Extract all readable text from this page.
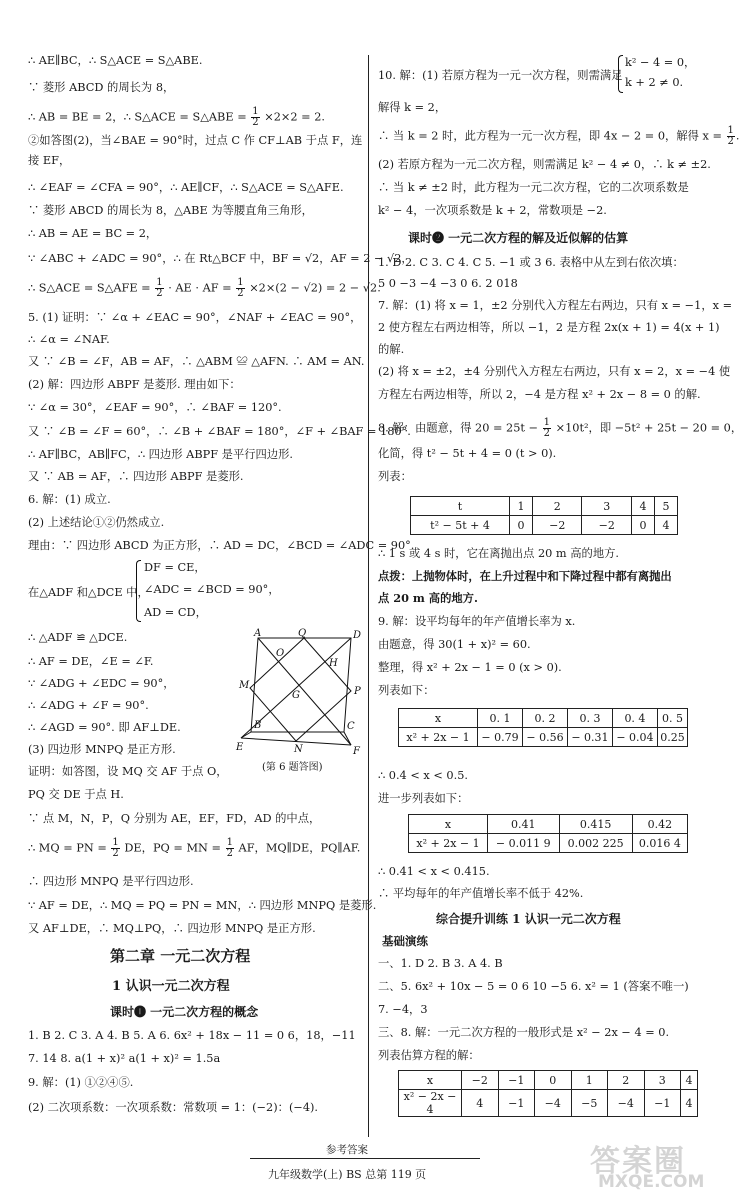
∴ AE∥BC，∴ S△ACE = S△ABE.
∵ 菱形 ABCD 的周长为 8，
∴ AB = BE = 2，∴ S△ACE = S△ABE = $\frac{1}{2} \times 2\times 2 = 2$.
②如答图(2)，当∠BAE = 90°时，过点 C 作 CF⊥AB 于点 F，连
接 EF，
∴ ∠EAF = ∠CFA = 90°，∴ AE∥CF，∴ S△ACE = S△AFE.
∵ 菱形 ABCD 的周长为 8，△ABE 为等腰直角三角形，
∴ AB = AE = BC = 2，
∵ ∠ABC + ∠ADC = 90°，∴ 在 Rt△BCF 中，BF = √2，AF = 2 − √2，
∴ S△ACE = S△AFE = $\frac{1}{2}$ · AE · AF = $\frac{1}{2} \times 2\times(2 - √2) = 2 - √2$.
5. (1) 证明：∵ ∠α + ∠EAC = 90°，∠NAF + ∠EAC = 90°，
∴ ∠α = ∠NAF.
又 ∵ ∠B = ∠F，AB = AF，∴ △ABM ≌ △AFN. ∴ AM = AN.
(2) 解：四边形 ABPF 是菱形. 理由如下：
∵ ∠α = 30°，∠EAF = 90°，∴ ∠BAF = 120°.
又 ∵ ∠B = ∠F = 60°，∴ ∠B + ∠BAF = 180°，∠F + ∠BAF = 180°.
∴ AF∥BC，AB∥FC，∴ 四边形 ABPF 是平行四边形.
又 ∵ AB = AF，∴ 四边形 ABPF 是菱形.
6. 解：(1) 成立.
(2) 上述结论①②仍然成立.
理由：∵ 四边形 ABCD 为正方形，∴ AD = DC，∠BCD = ∠ADC = 90°.
在△ADF 和△DCE 中，
DF = CE，
∠ADC = ∠BCD = 90°，
AD = CD，
∴ △ADF ≌ △DCE.
∴ AF = DE，∠E = ∠F.
∵ ∠ADG + ∠EDC = 90°，
∴ ∠ADG + ∠F = 90°.
∴ ∠AGD = 90°. 即 AF⊥DE.
(3) 四边形 MNPQ 是正方形.
证明：如答图，设 MQ 交 AF 于点 O，
PQ 交 DE 于点 H.
∵ 点 M，N，P，Q 分别为 AE，EF，FD，AD 的中点，
∴ MQ = PN = $\frac{1}{2}$ DE，PQ = MN = $\frac{1}{2}$ AF，MQ∥DE，PQ∥AF.
∴ 四边形 MNPQ 是平行四边形.
∵ AF = DE，∴ MQ = PQ = PN = MN，∴ 四边形 MNPQ 是菱形.
又 AF⊥DE，∴ MQ⊥PQ，∴ 四边形 MNPQ 是正方形.
A	Q	D
O
H
M
G	P
E
B
N
C
F
(第 6 题答图)
第二章 一元二次方程
1 认识一元二次方程
课时❶ 一元二次方程的概念
1. B 2. C 3. A 4. B 5. A 6. 6x² + 18x − 11 = 0 6，18，−11
7. 14 8. a(1 + x)² a(1 + x)² = 1.5a
9. 解：(1) ①②④⑤.
(2) 二次项系数：一次项系数：常数项 = 1：(−2)：(−4).
10. 解：(1) 若原方程为一元一次方程，则需满足
k² − 4 = 0，
k + 2 ≠ 0.
解得 k = 2，
∴ 当 k = 2 时，此方程为一元一次方程，即 4x − 2 = 0，解得 $x = \frac{1}{2}$ .
(2) 若原方程为一元二次方程，则需满足 k² − 4 ≠ 0，∴ k ≠ ±2.
∴ 当 k ≠ ±2 时，此方程为一元二次方程，它的二次项系数是
k² − 4，一次项系数是 k + 2，常数项是 −2.
课时❷ 一元二次方程的解及近似解的估算
1. D 2. C 3. C 4. C 5. −1 或 3 6. 表格中从左到右依次填：
5 0 −3 −4 −3 0 6. 2 018
7. 解：(1) 将 x = 1，±2 分别代入方程左右两边，只有 x = −1，x =
2 使方程左右两边相等，所以 −1，2 是方程 2x(x + 1) = 4(x + 1)
的解.
(2) 将 x = ±2，±4 分别代入方程左右两边，只有 x = 2，x = −4 使
方程左右两边相等，所以 2，−4 是方程 x² + 2x − 8 = 0 的解.
8. 解：由题意，得 $20 = 25t - \frac{1}{2} \times 10t^2$，即 −5t² + 25t − 20 = 0，
化简，得 t² − 5t + 4 = 0 (t > 0).
列表：
t	1	2	3	4	5
t² − 5t + 4	0	−2	−2	0	4
∴ 1 s 或 4 s 时，它在离抛出点 20 m 高的地方.
点拨：上抛物体时，在上升过程中和下降过程中都有离抛出
点 20 m 高的地方.
9. 解：设平均每年的年产值增长率为 x.
由题意，得 30(1 + x)² = 60.
整理，得 x² + 2x − 1 = 0 (x > 0).
列表如下：
x	0. 1	0. 2	0. 3	0. 4	0. 5
x² + 2x − 1	− 0.79	− 0.56	− 0.31	− 0.04	0.25
∴ 0.4 < x < 0.5.
进一步列表如下：
x	0.41	0.415	0.42
x² + 2x − 1	− 0.011 9	0.002 225	0.016 4
∴ 0.41 < x < 0.415.
∴ 平均每年的年产值增长率不低于 42%.
综合提升训练 1 认识一元二次方程
基础演练
一、1. D 2. B 3. A 4. B
二、5. 6x² + 10x − 5 = 0 6 10 −5 6. x² = 1 (答案不唯一)
7. −4，3
三、8. 解：一元二次方程的一般形式是 x² − 2x − 4 = 0.
列表估算方程的解：
x	−2	−1	0	1	2	3	4
x² − 2x − 4	4	−1	−4	−5	−4	−1	4
参考答案
九年级数学(上) BS 总第 119 页	答案圈
MXQE.COM
